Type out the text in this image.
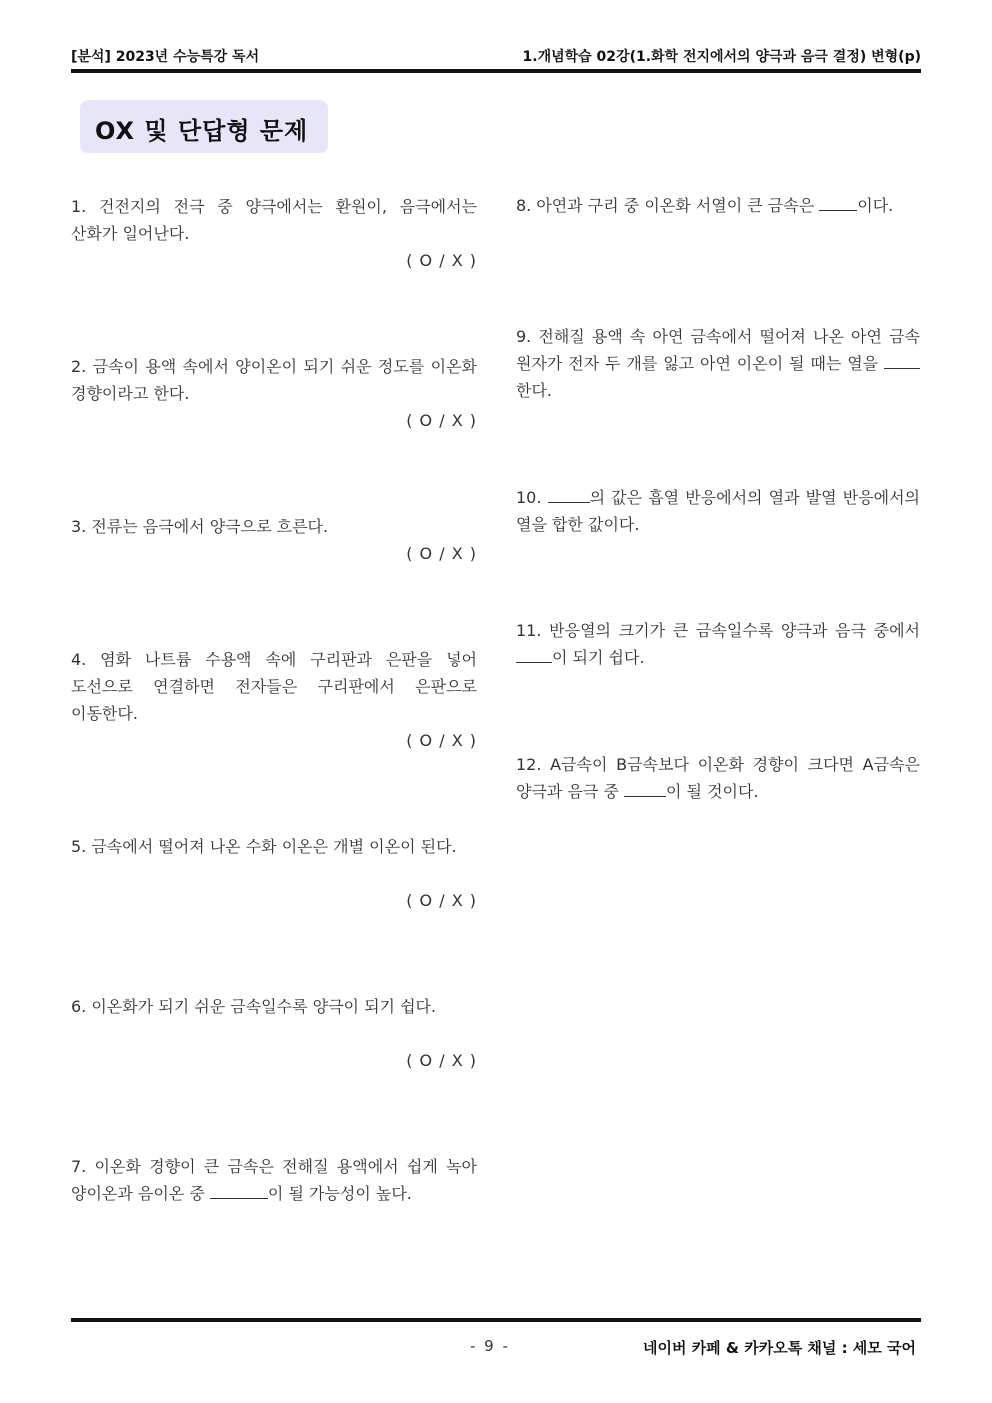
[분석] 2023년 수능특강 독서	1.개념학습 02강(1.화학 전지에서의 양극과 음극 결정) 변형(p)
OX 및 단답형 문제
1. 건전지의 전극 중 양극에서는 환원이, 음극에서는 산화가 일어난다.
( O / X )
2. 금속이 용액 속에서 양이온이 되기 쉬운 정도를 이온화 경향이라고 한다.
( O / X )
3. 전류는 음극에서 양극으로 흐른다.
( O / X )
4. 염화 나트륨 수용액 속에 구리판과 은판을 넣어 도선으로 연결하면 전자들은 구리판에서 은판으로 이동한다.
( O / X )
5. 금속에서 떨어져 나온 수화 이온은 개별 이온이 된다.
( O / X )
6. 이온화가 되기 쉬운 금속일수록 양극이 되기 쉽다.
( O / X )
7. 이온화 경향이 큰 금속은 전해질 용액에서 쉽게 녹아 양이온과 음이온 중	이 될 가능성이 높다.
8. 아연과 구리 중 이온화 서열이 큰 금속은 이다.
9. 전해질 용액 속 아연 금속에서 떨어져 나온 아연 금속 원자가 전자 두 개를 잃고 아연 이온이 될 때는 열을 한다.
10.	의 값은 흡열 반응에서의 열과 발열 반응에서의 열을 합한 값이다.
11. 반응열의 크기가 큰 금속일수록 양극과 음극 중에서 이 되기 쉽다.
12. A금속이 B금속보다 이온화 경향이 크다면 A금속은 양극과 음극 중	이 될 것이다.
- 9 -	네이버 카페 & 카카오톡 채널 : 세모 국어
